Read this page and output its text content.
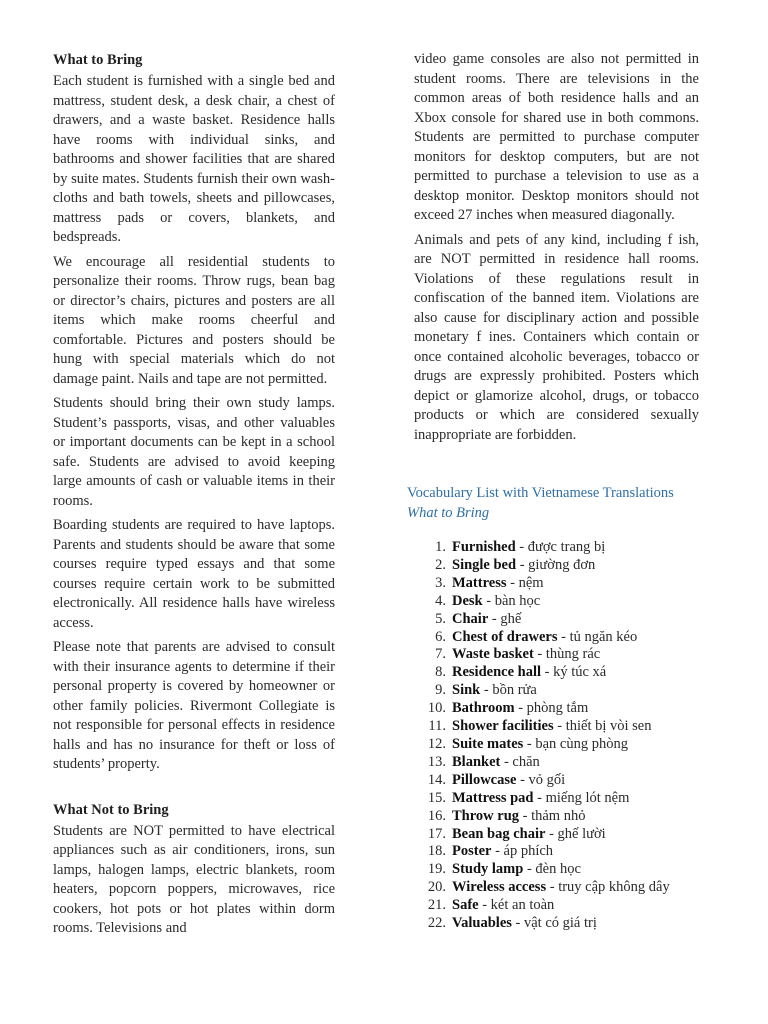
What to Bring

Each student is furnished with a single bed and mattress, student desk, a desk chair, a chest of drawers, and a waste basket. Residence halls have rooms with individual sinks, and bathrooms and shower facilities that are shared by suite mates. Students furnish their own wash- cloths and bath towels, sheets and pillowcases, mattress pads or covers, blankets, and bedspreads.

We encourage all residential students to personalize their rooms. Throw rugs, bean bag or director’s chairs, pictures and posters are all items which make rooms cheerful and comfortable. Pictures and posters should be hung with special materials which do not damage paint. Nails and tape are not permitted.

Students should bring their own study lamps. Student’s passports, visas, and other valuables or important documents can be kept in a school safe. Students are advised to avoid keeping large amounts of cash or valuable items in their rooms.

Boarding students are required to have laptops. Parents and students should be aware that some courses require typed essays and that some courses require certain work to be submitted electronically. All residence halls have wireless access.

Please note that parents are advised to consult with their insurance agents to determine if their personal property is covered by homeowner or other family policies. Rivermont Collegiate is not responsible for personal effects in residence halls and has no insurance for theft or loss of students’ property.

What Not to Bring

Students are NOT permitted to have electrical appliances such as air conditioners, irons, sun lamps, halogen lamps, electric blankets, room heaters, popcorn poppers, microwaves, rice cookers, hot pots or hot plates within dorm rooms. Televisions and

video game consoles are also not permitted in student rooms. There are televisions in the common areas of both residence halls and an Xbox console for shared use in both commons. Students are permitted to purchase computer monitors for desktop computers, but are not permitted to purchase a television to use as a desktop monitor. Desktop monitors should not exceed 27 inches when measured diagonally.

Animals and pets of any kind, including f ish, are NOT permitted in residence hall rooms. Violations of these regulations result in confiscation of the banned item. Violations are also cause for disciplinary action and possible monetary f ines. Containers which contain or once contained alcoholic beverages, tobacco or drugs are expressly prohibited. Posters which depict or glamorize alcohol, drugs, or tobacco products or which are considered sexually inappropriate are forbidden.

Vocabulary List with Vietnamese Translations
What to Bring
1. Furnished - được trang bị
2. Single bed - giường đơn
3. Mattress - nệm
4. Desk - bàn học
5. Chair - ghế
6. Chest of drawers - tủ ngăn kéo
7. Waste basket - thùng rác
8. Residence hall - ký túc xá
9. Sink - bồn rửa
10. Bathroom - phòng tắm
11. Shower facilities - thiết bị vòi sen
12. Suite mates - bạn cùng phòng
13. Blanket - chăn
14. Pillowcase - vỏ gối
15. Mattress pad - miếng lót nệm
16. Throw rug - thảm nhỏ
17. Bean bag chair - ghế lười
18. Poster - áp phích
19. Study lamp - đèn học
20. Wireless access - truy cập không dây
21. Safe - két an toàn
22. Valuables - vật có giá trị
